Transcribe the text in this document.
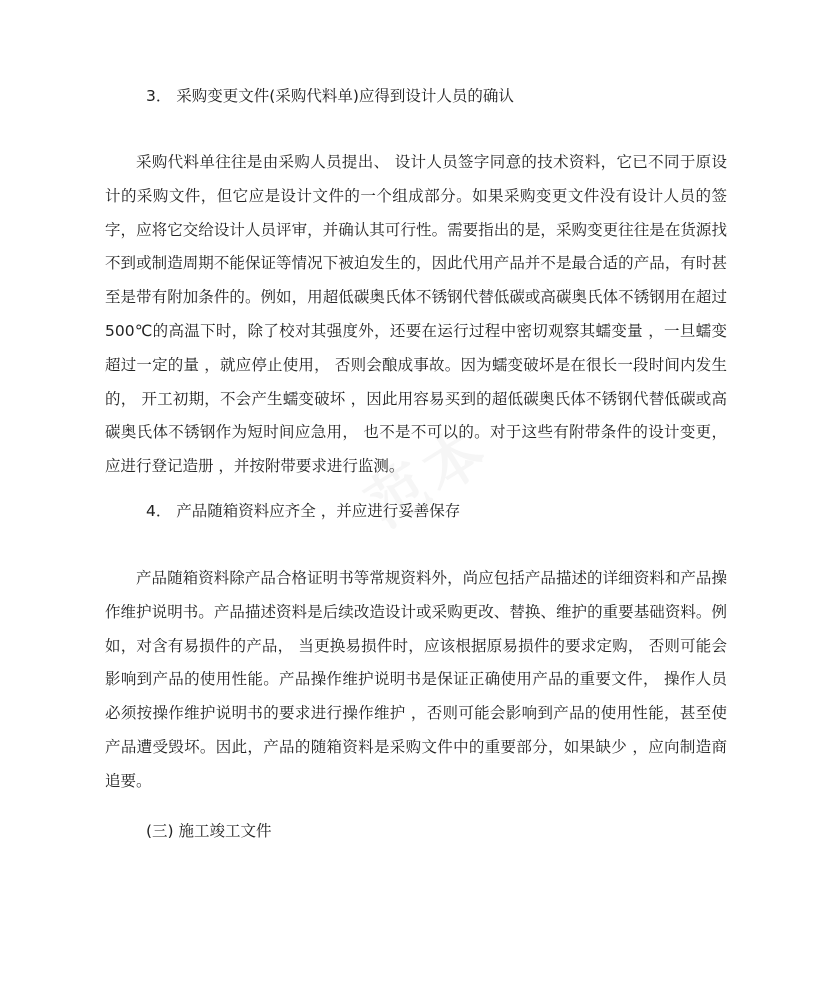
3． 采购变更文件(采购代料单)应得到设计人员的确认
采购代料单往往是由采购人员提出、 设计人员签字同意的技术资料，它已不同于原设计的采购文件，但它应是设计文件的一个组成部分。如果采购变更文件没有设计人员的签字，应将它交给设计人员评审，并确认其可行性。需要指出的是，采购变更往往是在货源找不到或制造周期不能保证等情况下被迫发生的，因此代用产品并不是最合适的产品，有时甚至是带有附加条件的。例如，用超低碳奥氏体不锈钢代替低碳或高碳奥氏体不锈钢用在超过 500℃的高温下时，除了校对其强度外，还要在运行过程中密切观察其蠕变量 ，一旦蠕变超过一定的量 ，就应停止使用， 否则会酿成事故。因为蠕变破坏是在很长一段时间内发生的， 开工初期，不会产生蠕变破坏 ，因此用容易买到的超低碳奥氏体不锈钢代替低碳或高碳奥氏体不锈钢作为短时间应急用， 也不是不可以的。对于这些有附带条件的设计变更，应进行登记造册 ，并按附带要求进行监测。
4． 产品随箱资料应齐全 ，并应进行妥善保存
产品随箱资料除产品合格证明书等常规资料外，尚应包括产品描述的详细资料和产品操作维护说明书。产品描述资料是后续改造设计或采购更改、替换、维护的重要基础资料。例如，对含有易损件的产品， 当更换易损件时，应该根据原易损件的要求定购， 否则可能会影响到产品的使用性能。产品操作维护说明书是保证正确使用产品的重要文件， 操作人员必须按操作维护说明书的要求进行操作维护 ，否则可能会影响到产品的使用性能，甚至使产品遭受毁坏。因此，产品的随箱资料是采购文件中的重要部分，如果缺少 ，应向制造商追要。
(三) 施工竣工文件
